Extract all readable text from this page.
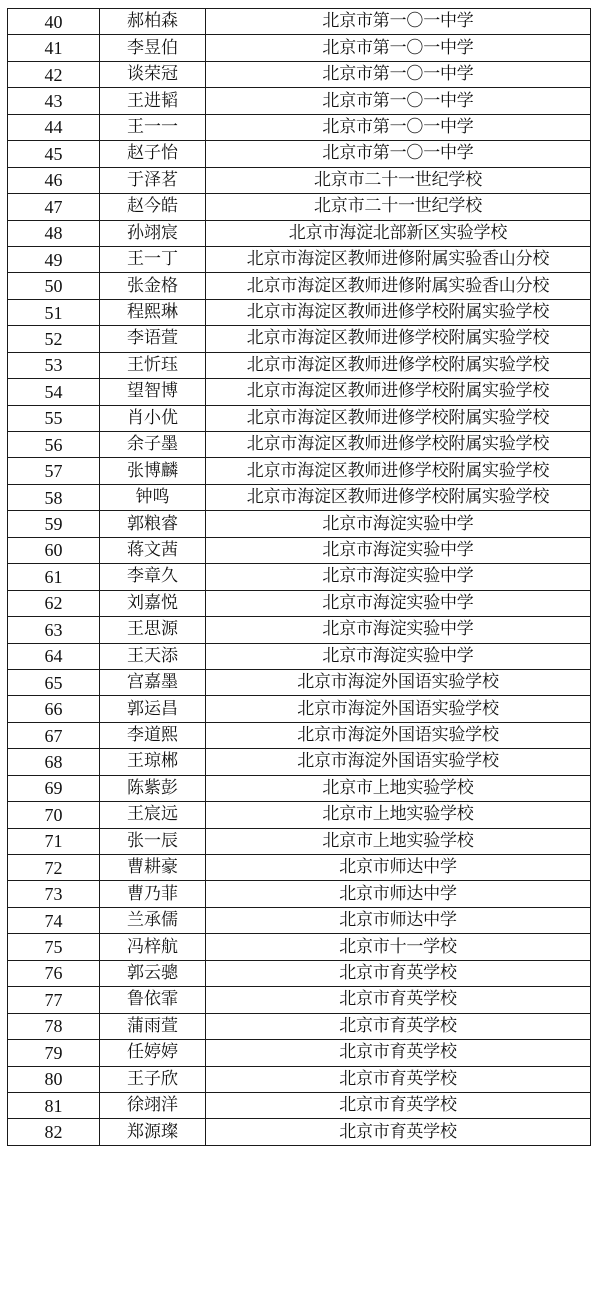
40	郝柏森	北京市第一〇一中学
41	李昱伯	北京市第一〇一中学
42	谈荣冠	北京市第一〇一中学
43	王进韬	北京市第一〇一中学
44	王一一	北京市第一〇一中学
45	赵子怡	北京市第一〇一中学
46	于泽茗	北京市二十一世纪学校
47	赵今皓	北京市二十一世纪学校
48	孙翊宸	北京市海淀北部新区实验学校
49	王一丁	北京市海淀区教师进修附属实验香山分校
50	张金格	北京市海淀区教师进修附属实验香山分校
51	程熙琳	北京市海淀区教师进修学校附属实验学校
52	李语萱	北京市海淀区教师进修学校附属实验学校
53	王忻珏	北京市海淀区教师进修学校附属实验学校
54	望智博	北京市海淀区教师进修学校附属实验学校
55	肖小优	北京市海淀区教师进修学校附属实验学校
56	余子墨	北京市海淀区教师进修学校附属实验学校
57	张博麟	北京市海淀区教师进修学校附属实验学校
58	钟鸣	北京市海淀区教师进修学校附属实验学校
59	郭粮睿	北京市海淀实验中学
60	蒋文茜	北京市海淀实验中学
61	李章久	北京市海淀实验中学
62	刘嘉悦	北京市海淀实验中学
63	王思源	北京市海淀实验中学
64	王天添	北京市海淀实验中学
65	宫嘉墨	北京市海淀外国语实验学校
66	郭运昌	北京市海淀外国语实验学校
67	李道熙	北京市海淀外国语实验学校
68	王琼郴	北京市海淀外国语实验学校
69	陈紫彭	北京市上地实验学校
70	王宸远	北京市上地实验学校
71	张一辰	北京市上地实验学校
72	曹耕豪	北京市师达中学
73	曹乃菲	北京市师达中学
74	兰承儒	北京市师达中学
75	冯梓航	北京市十一学校
76	郭云骢	北京市育英学校
77	鲁依霏	北京市育英学校
78	蒲雨萱	北京市育英学校
79	任婷婷	北京市育英学校
80	王子欣	北京市育英学校
81	徐翊洋	北京市育英学校
82	郑源璨	北京市育英学校
